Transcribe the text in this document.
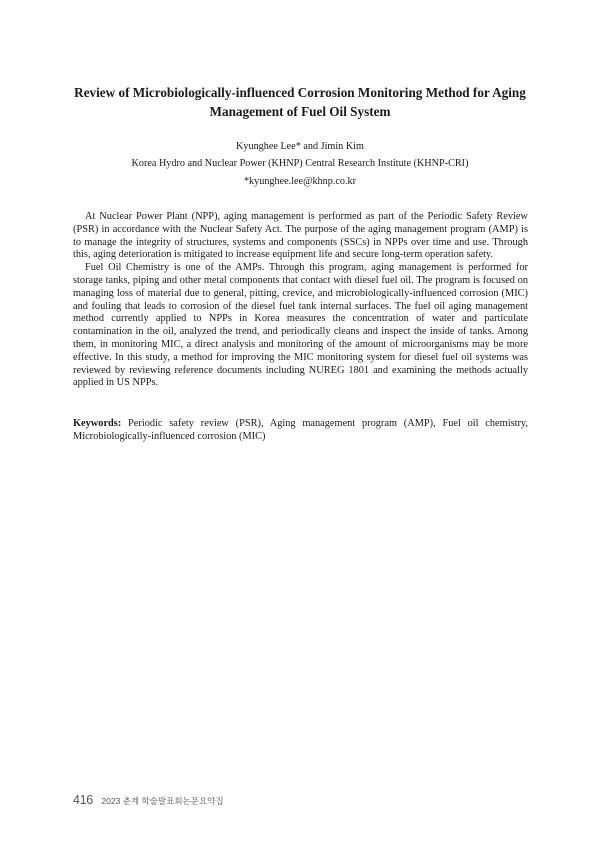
Review of Microbiologically-influenced Corrosion Monitoring Method for Aging Management of Fuel Oil System
Kyunghee Lee* and Jimin Kim
Korea Hydro and Nuclear Power (KHNP) Central Research Institute (KHNP-CRI)
*kyunghee.lee@khnp.co.kr

At Nuclear Power Plant (NPP), aging management is performed as part of the Periodic Safety Review (PSR) in accordance with the Nuclear Safety Act. The purpose of the aging management program (AMP) is to manage the integrity of structures, systems and components (SSCs) in NPPs over time and use. Through this, aging deterioration is mitigated to increase equipment life and secure long-term operation safety.

Fuel Oil Chemistry is one of the AMPs. Through this program, aging management is performed for storage tanks, piping and other metal components that contact with diesel fuel oil. The program is focused on managing loss of material due to general, pitting, crevice, and microbiologically-influenced corrosion (MIC) and fouling that leads to corrosion of the diesel fuel tank internal surfaces. The fuel oil aging management method currently applied to NPPs in Korea measures the concentration of water and particulate contamination in the oil, analyzed the trend, and periodically cleans and inspect the inside of tanks. Among them, in monitoring MIC, a direct analysis and monitoring of the amount of microorganisms may be more effective. In this study, a method for improving the MIC monitoring system for diesel fuel oil systems was reviewed by reviewing reference documents including NUREG 1801 and examining the methods actually applied in US NPPs.

Keywords: Periodic safety review (PSR), Aging management program (AMP), Fuel oil chemistry, Microbiologically-influenced corrosion (MIC)
416 2023 춘계 학술발표회논문요약집
